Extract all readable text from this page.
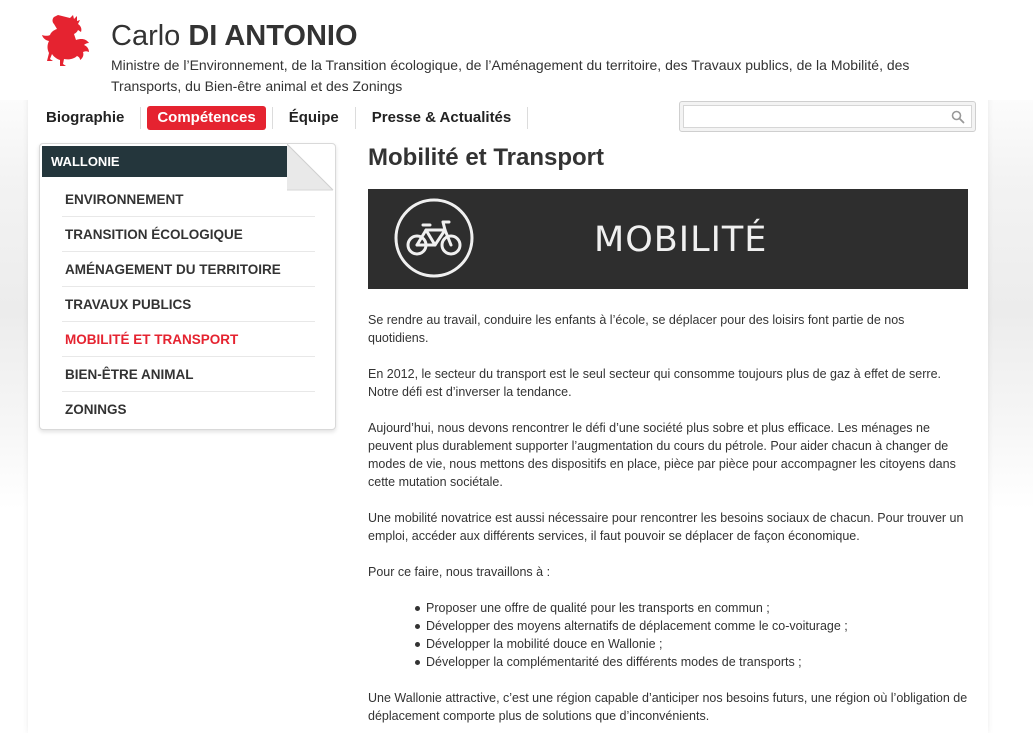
Carlo DI ANTONIO
Ministre de l’Environnement, de la Transition écologique, de l’Aménagement du territoire, des Travaux publics, de la Mobilité, des Transports, du Bien-être animal et des Zonings
Biographie	Compétences	Équipe	Presse & Actualités
WALLONIE
ENVIRONNEMENT
TRANSITION ÉCOLOGIQUE
AMÉNAGEMENT DU TERRITOIRE
TRAVAUX PUBLICS
MOBILITÉ ET TRANSPORT
BIEN-ÊTRE ANIMAL
ZONINGS
Mobilité et Transport
MOBILITÉ

Se rendre au travail, conduire les enfants à l’école, se déplacer pour des loisirs font partie de nos quotidiens.

En 2012, le secteur du transport est le seul secteur qui consomme toujours plus de gaz à effet de serre. Notre défi est d’inverser la tendance.

Aujourd’hui, nous devons rencontrer le défi d’une société plus sobre et plus efficace. Les ménages ne peuvent plus durablement supporter l’augmentation du cours du pétrole. Pour aider chacun à changer de modes de vie, nous mettons des dispositifs en place, pièce par pièce pour accompagner les citoyens dans cette mutation sociétale.

Une mobilité novatrice est aussi nécessaire pour rencontrer les besoins sociaux de chacun. Pour trouver un emploi, accéder aux différents services, il faut pouvoir se déplacer de façon économique.

Pour ce faire, nous travaillons à :

Proposer une offre de qualité pour les transports en commun ;
Développer des moyens alternatifs de déplacement comme le co-voiturage ;
Développer la mobilité douce en Wallonie ;
Développer la complémentarité des différents modes de transports ;

Une Wallonie attractive, c’est une région capable d’anticiper nos besoins futurs, une région où l’obligation de déplacement comporte plus de solutions que d’inconvénients.
